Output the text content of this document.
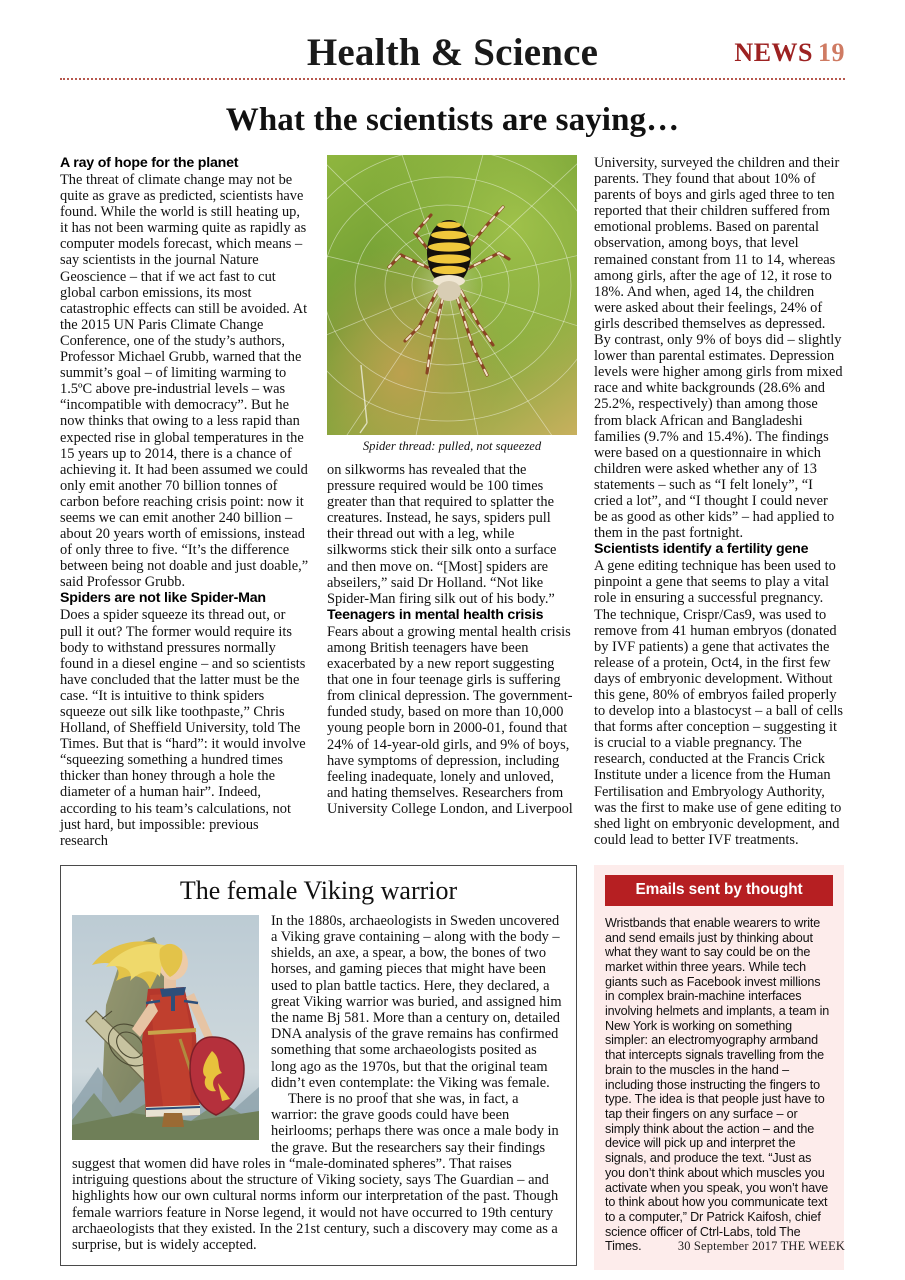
Health & Science	NEWS 19
What the scientists are saying…
A ray of hope for the planet

The threat of climate change may not be quite as grave as predicted, scientists have found. While the world is still heating up, it has not been warming quite as rapidly as computer models forecast, which means – say scientists in the journal Nature Geoscience – that if we act fast to cut global carbon emissions, its most catastrophic effects can still be avoided. At the 2015 UN Paris Climate Change Conference, one of the study’s authors, Professor Michael Grubb, warned that the summit’s goal – of limiting warming to 1.5ºC above pre-industrial levels – was “incompatible with democracy”. But he now thinks that owing to a less rapid than expected rise in global temperatures in the 15 years up to 2014, there is a chance of achieving it. It had been assumed we could only emit another 70 billion tonnes of carbon before reaching crisis point: now it seems we can emit another 240 billion – about 20 years worth of emissions, instead of only three to five. “It’s the difference between being not doable and just doable,” said Professor Grubb.

Spiders are not like Spider-Man

Does a spider squeeze its thread out, or pull it out? The former would require its body to withstand pressures normally found in a diesel engine – and so scientists have concluded that the latter must be the case. “It is intuitive to think spiders squeeze out silk like toothpaste,” Chris Holland, of Sheffield University, told The Times. But that is “hard”: it would involve “squeezing something a hundred times thicker than honey through a hole the diameter of a human hair”. Indeed, according to his team’s calculations, not just hard, but impossible: previous research

Spider thread: pulled, not squeezed

on silkworms has revealed that the pressure required would be 100 times greater than that required to splatter the creatures. Instead, he says, spiders pull their thread out with a leg, while silkworms stick their silk onto a surface and then move on. “[Most] spiders are abseilers,” said Dr Holland. “Not like Spider-Man firing silk out of his body.”

Teenagers in mental health crisis

Fears about a growing mental health crisis among British teenagers have been exacerbated by a new report suggesting that one in four teenage girls is suffering from clinical depression. The government-funded study, based on more than 10,000 young people born in 2000-01, found that 24% of 14-year-old girls, and 9% of boys, have symptoms of depression, including feeling inadequate, lonely and unloved, and hating themselves. Researchers from University College London, and Liverpool

University, surveyed the children and their parents. They found that about 10% of parents of boys and girls aged three to ten reported that their children suffered from emotional problems. Based on parental observation, among boys, that level remained constant from 11 to 14, whereas among girls, after the age of 12, it rose to 18%. And when, aged 14, the children were asked about their feelings, 24% of girls described themselves as depressed. By contrast, only 9% of boys did – slightly lower than parental estimates. Depression levels were higher among girls from mixed race and white backgrounds (28.6% and 25.2%, respectively) than among those from black African and Bangladeshi families (9.7% and 15.4%). The findings were based on a questionnaire in which children were asked whether any of 13 statements – such as “I felt lonely”, “I cried a lot”, and “I thought I could never be as good as other kids” – had applied to them in the past fortnight.

Scientists identify a fertility gene

A gene editing technique has been used to pinpoint a gene that seems to play a vital role in ensuring a successful pregnancy. The technique, Crispr/Cas9, was used to remove from 41 human embryos (donated by IVF patients) a gene that activates the release of a protein, Oct4, in the first few days of embryonic development. Without this gene, 80% of embryos failed properly to develop into a blastocyst – a ball of cells that forms after conception – suggesting it is crucial to a viable pregnancy. The research, conducted at the Francis Crick Institute under a licence from the Human Fertilisation and Embryology Authority, was the first to make use of gene editing to shed light on embryonic development, and could lead to better IVF treatments.

The female Viking warrior

In the 1880s, archaeologists in Sweden uncovered a Viking grave containing – along with the body – shields, an axe, a spear, a bow, the bones of two horses, and gaming pieces that might have been used to plan battle tactics. Here, they declared, a great Viking warrior was buried, and assigned him the name Bj 581. More than a century on, detailed DNA analysis of the grave remains has confirmed something that some archaeologists posited as long ago as the 1970s, but that the original team didn’t even contemplate: the Viking was female.

There is no proof that she was, in fact, a warrior: the grave goods could have been heirlooms; perhaps there was once a male body in the grave. But the researchers say their findings suggest that women did have roles in “male-dominated spheres”. That raises intriguing questions about the structure of Viking society, says The Guardian – and highlights how our own cultural norms inform our interpretation of the past. Though female warriors feature in Norse legend, it would not have occurred to 19th century archaeologists that they existed. In the 21st century, such a discovery may come as a surprise, but is widely accepted.

Emails sent by thought

Wristbands that enable wearers to write and send emails just by thinking about what they want to say could be on the market within three years. While tech giants such as Facebook invest millions in complex brain-machine interfaces involving helmets and implants, a team in New York is working on something simpler: an electromyography armband that intercepts signals travelling from the brain to the muscles in the hand – including those instructing the fingers to type. The idea is that people just have to tap their fingers on any surface – or simply think about the action – and the device will pick up and interpret the signals, and produce the text. “Just as you don’t think about which muscles you activate when you speak, you won’t have to think about how you communicate text to a computer,” Dr Patrick Kaifosh, chief science officer of Ctrl-Labs, told The Times.	30 September 2017 THE WEEK
